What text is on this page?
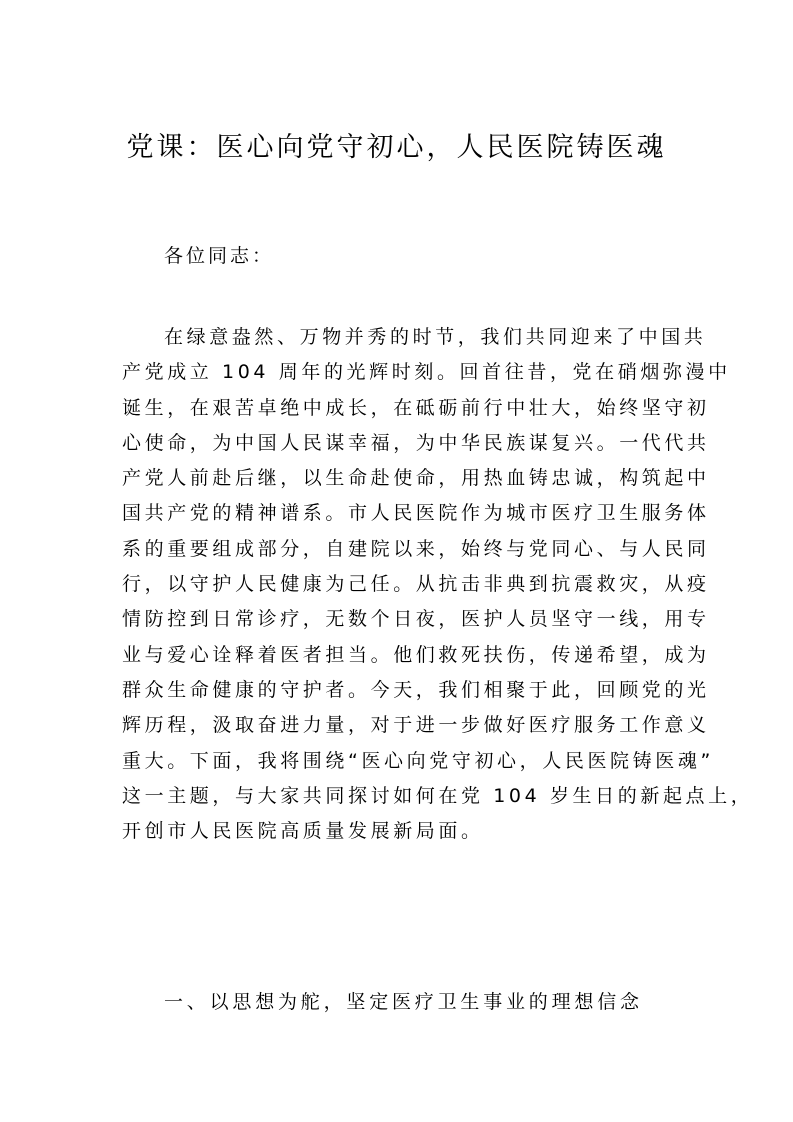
党课：医心向党守初心，人民医院铸医魂
各位同志：
在绿意盎然、万物并秀的时节，我们共同迎来了中国共
产党成立 104 周年的光辉时刻。回首往昔，党在硝烟弥漫中
诞生，在艰苦卓绝中成长，在砥砺前行中壮大，始终坚守初
心使命，为中国人民谋幸福，为中华民族谋复兴。一代代共
产党人前赴后继，以生命赴使命，用热血铸忠诚，构筑起中
国共产党的精神谱系。市人民医院作为城市医疗卫生服务体
系的重要组成部分，自建院以来，始终与党同心、与人民同
行，以守护人民健康为己任。从抗击非典到抗震救灾，从疫
情防控到日常诊疗，无数个日夜，医护人员坚守一线，用专
业与爱心诠释着医者担当。他们救死扶伤，传递希望，成为
群众生命健康的守护者。今天，我们相聚于此，回顾党的光
辉历程，汲取奋进力量，对于进一步做好医疗服务工作意义
重大。下面，我将围绕“医心向党守初心，人民医院铸医魂”
这一主题，与大家共同探讨如何在党 104 岁生日的新起点上，
开创市人民医院高质量发展新局面。
一、以思想为舵，坚定医疗卫生事业的理想信念
